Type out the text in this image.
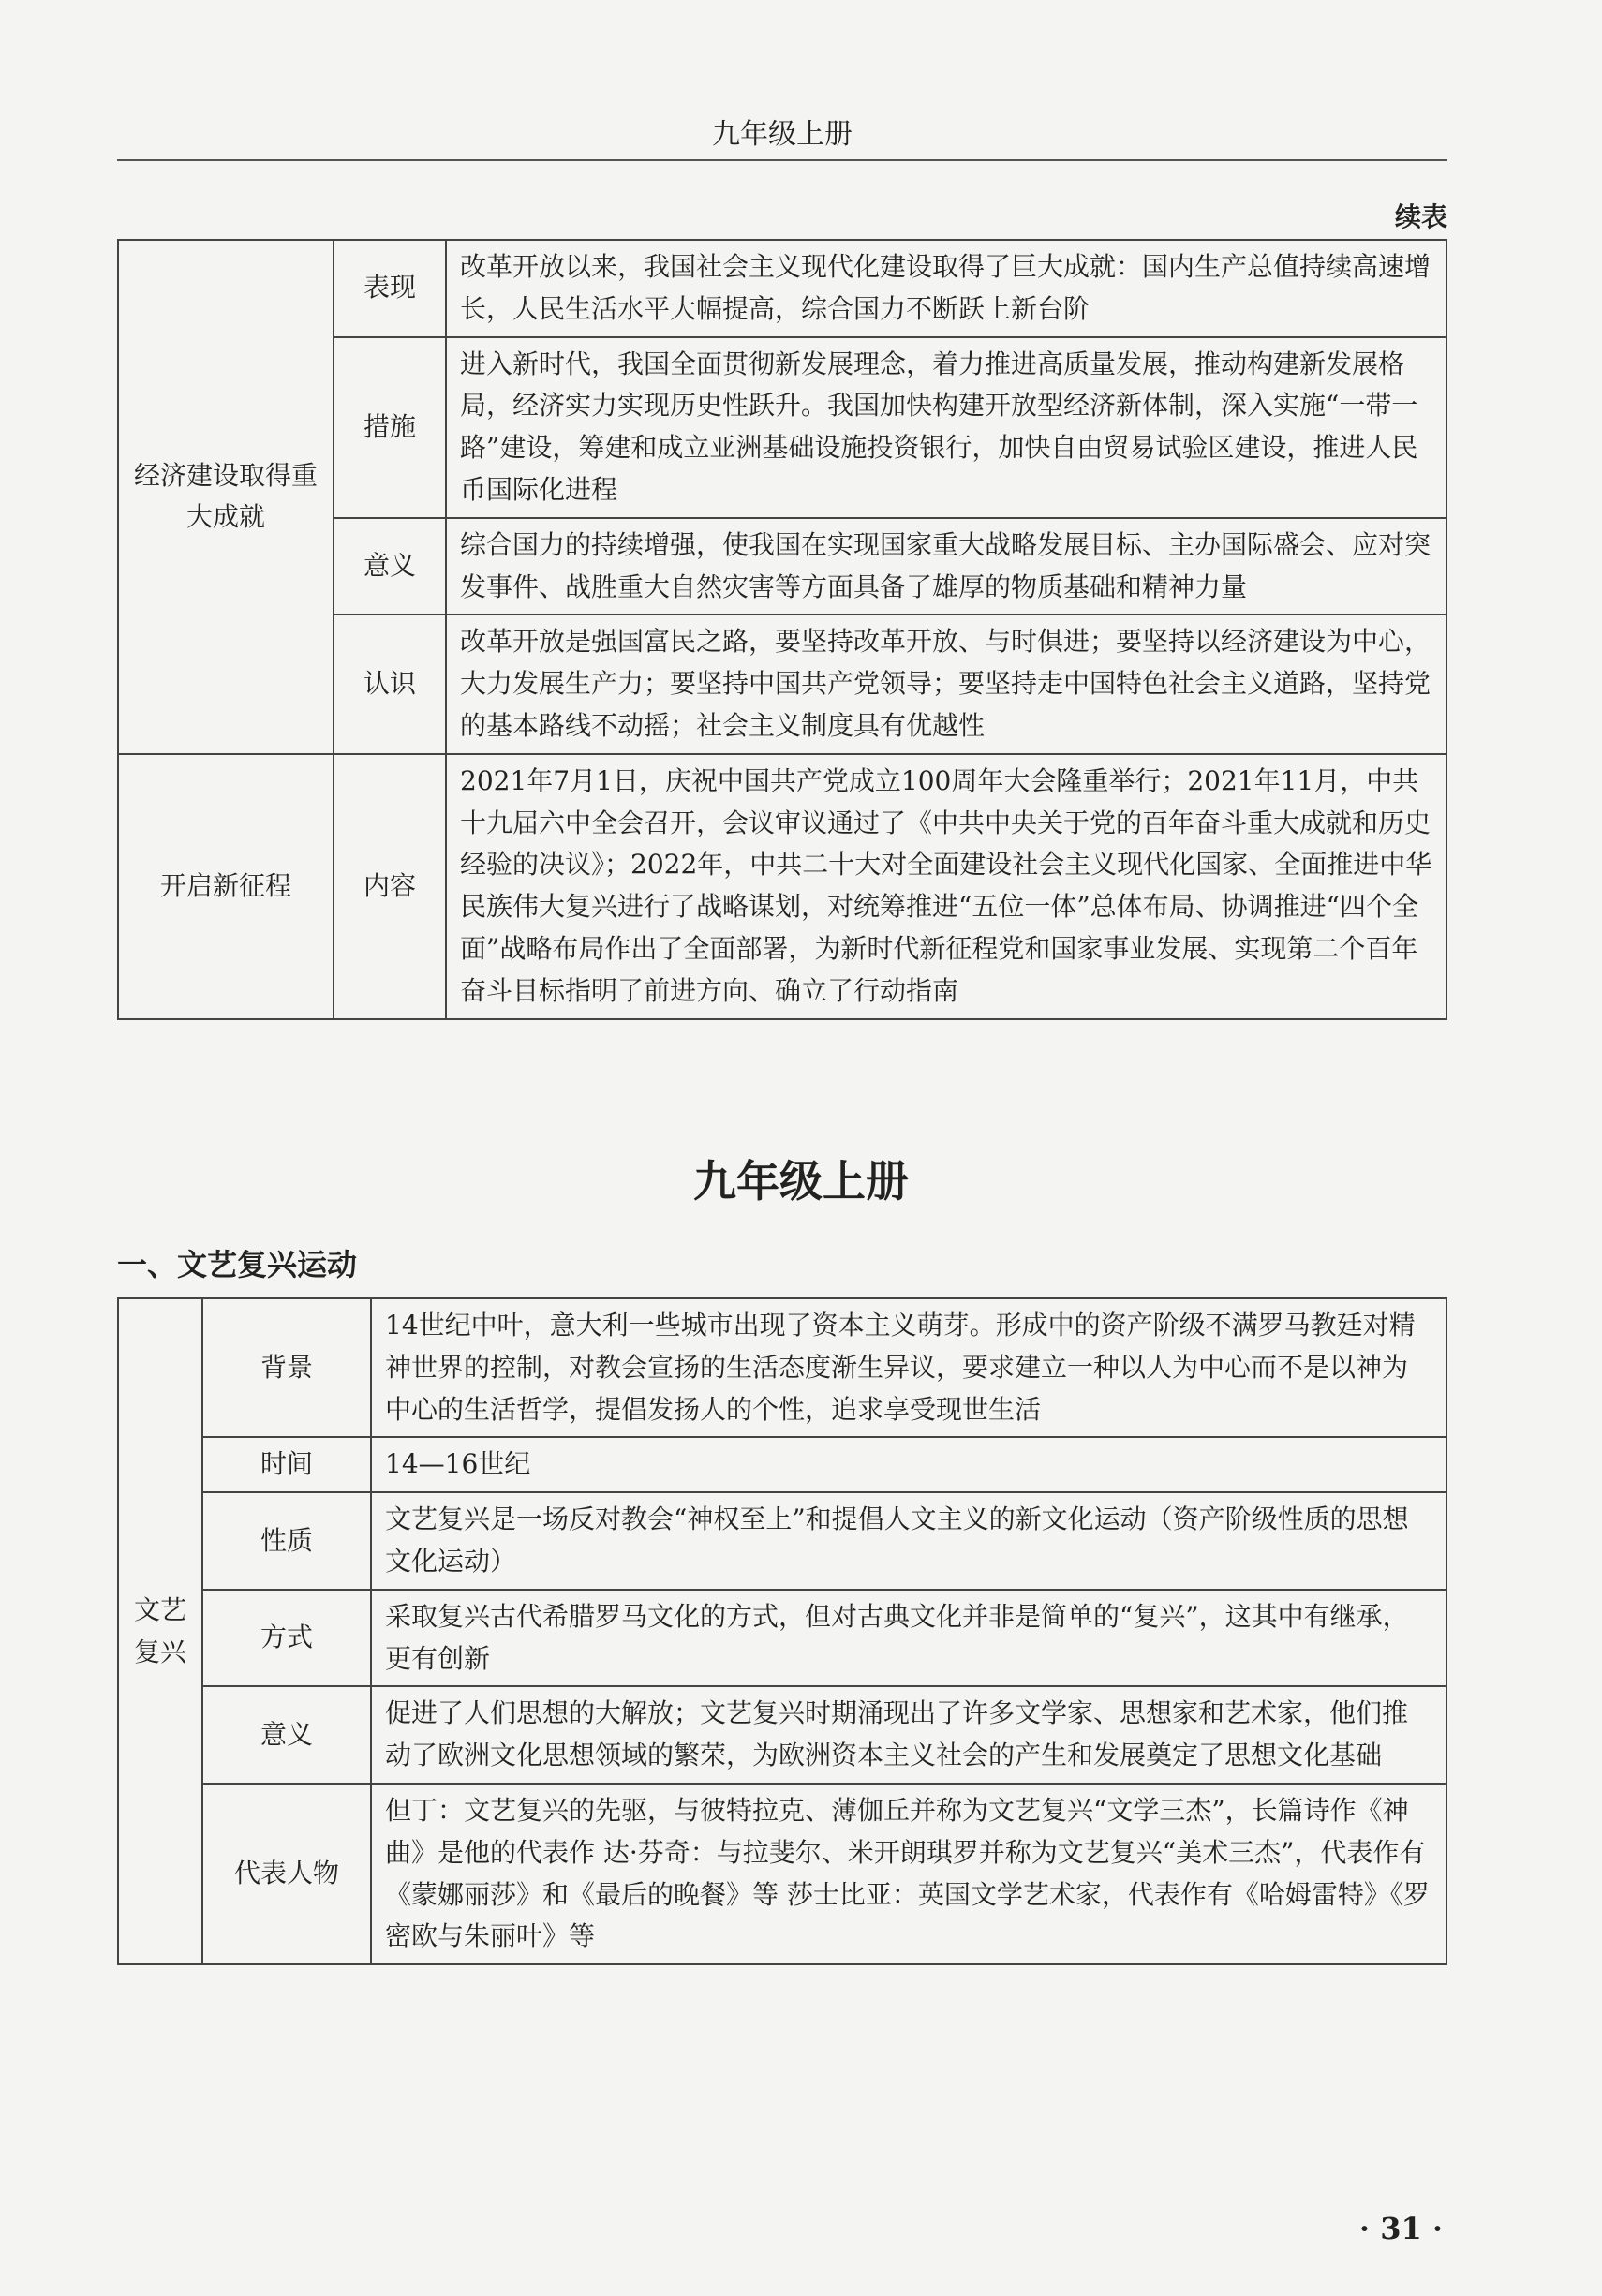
九年级上册
续表
经济建设取得重大成就	表现	改革开放以来，我国社会主义现代化建设取得了巨大成就：国内生产总值持续高速增长，人民生活水平大幅提高，综合国力不断跃上新台阶
	措施	进入新时代，我国全面贯彻新发展理念，着力推进高质量发展，推动构建新发展格局，经济实力实现历史性跃升。我国加快构建开放型经济新体制，深入实施“一带一路”建设，筹建和成立亚洲基础设施投资银行，加快自由贸易试验区建设，推进人民币国际化进程
	意义	综合国力的持续增强，使我国在实现国家重大战略发展目标、主办国际盛会、应对突发事件、战胜重大自然灾害等方面具备了雄厚的物质基础和精神力量
	认识	改革开放是强国富民之路，要坚持改革开放、与时俱进；要坚持以经济建设为中心，大力发展生产力；要坚持中国共产党领导；要坚持走中国特色社会主义道路，坚持党的基本路线不动摇；社会主义制度具有优越性
开启新征程	内容	2021年7月1日，庆祝中国共产党成立100周年大会隆重举行；2021年11月，中共十九届六中全会召开，会议审议通过了《中共中央关于党的百年奋斗重大成就和历史经验的决议》；2022年，中共二十大对全面建设社会主义现代化国家、全面推进中华民族伟大复兴进行了战略谋划，对统筹推进“五位一体”总体布局、协调推进“四个全面”战略布局作出了全面部署，为新时代新征程党和国家事业发展、实现第二个百年奋斗目标指明了前进方向、确立了行动指南
九年级上册
一、文艺复兴运动
文艺复兴	背景	14世纪中叶，意大利一些城市出现了资本主义萌芽。形成中的资产阶级不满罗马教廷对精神世界的控制，对教会宣扬的生活态度渐生异议，要求建立一种以人为中心而不是以神为中心的生活哲学，提倡发扬人的个性，追求享受现世生活
	时间	14—16世纪
	性质	文艺复兴是一场反对教会“神权至上”和提倡人文主义的新文化运动（资产阶级性质的思想文化运动）
	方式	采取复兴古代希腊罗马文化的方式，但对古典文化并非是简单的“复兴”，这其中有继承，更有创新
	意义	促进了人们思想的大解放；文艺复兴时期涌现出了许多文学家、思想家和艺术家，他们推动了欧洲文化思想领域的繁荣，为欧洲资本主义社会的产生和发展奠定了思想文化基础
	代表人物	但丁：文艺复兴的先驱，与彼特拉克、薄伽丘并称为文艺复兴“文学三杰”，长篇诗作《神曲》是他的代表作 达·芬奇：与拉斐尔、米开朗琪罗并称为文艺复兴“美术三杰”，代表作有《蒙娜丽莎》和《最后的晚餐》等 莎士比亚：英国文学艺术家，代表作有《哈姆雷特》《罗密欧与朱丽叶》等
· 31 ·
